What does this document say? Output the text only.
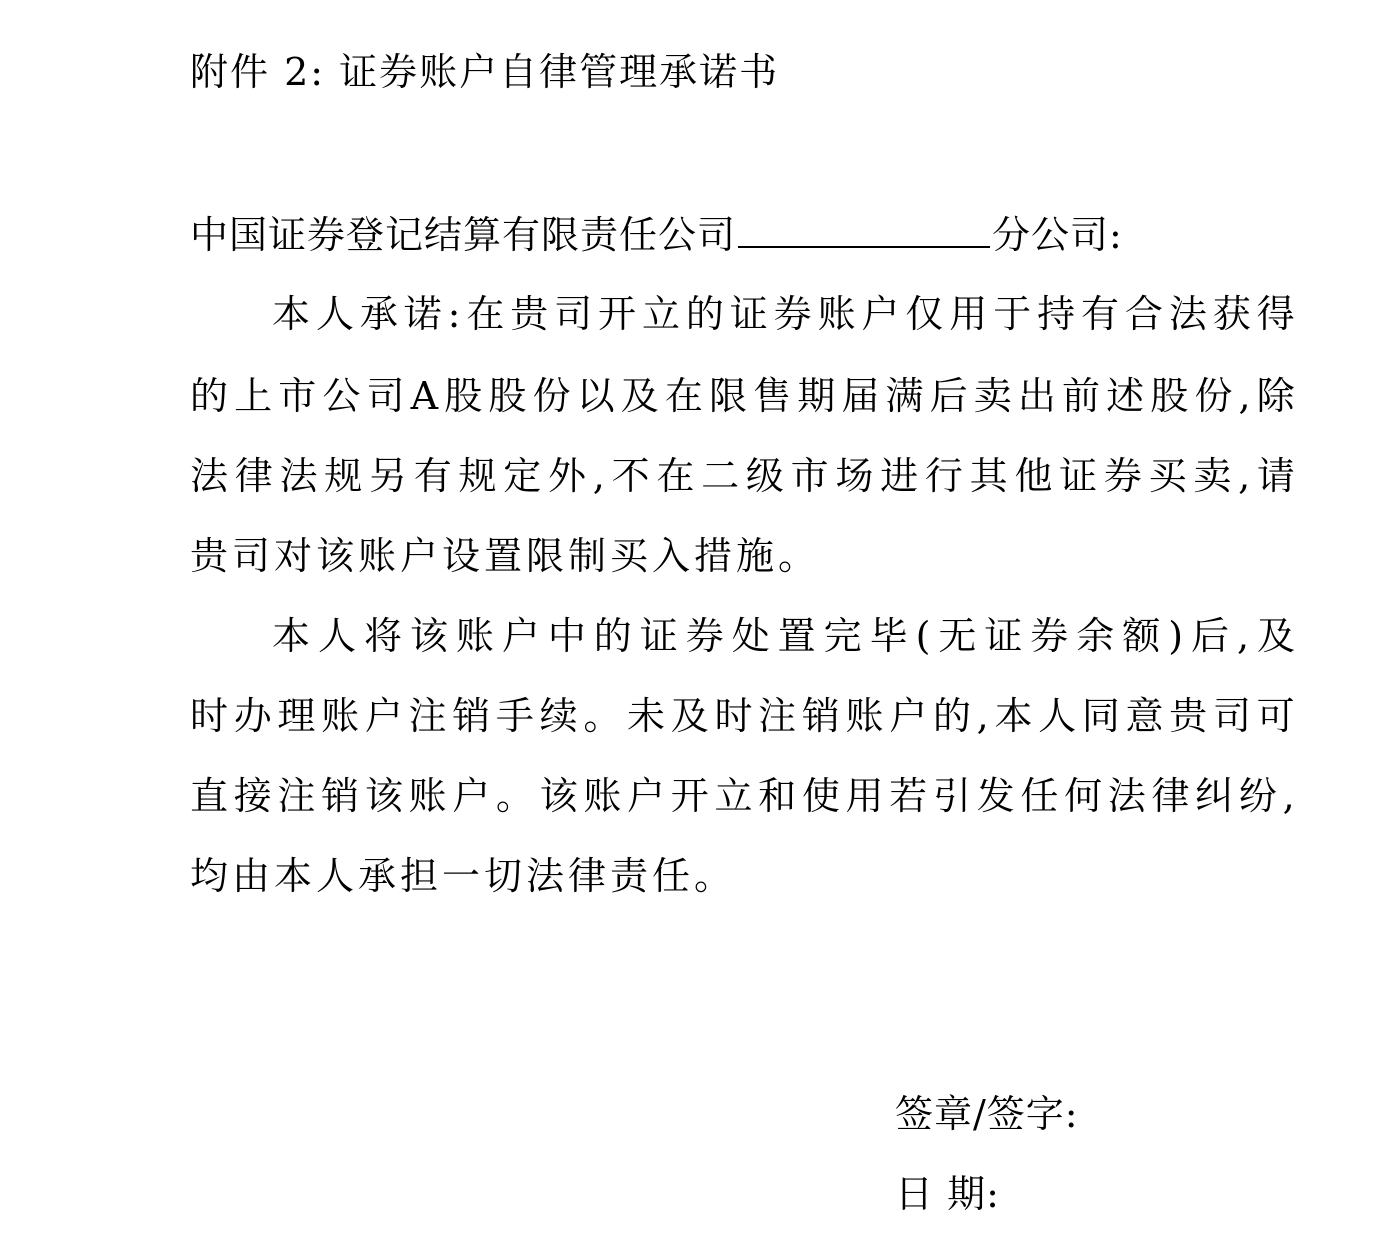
附件 2: 证券账户自律管理承诺书
中国证券登记结算有限责任公司	分公司:
本 人 承 诺 : 在 贵 司 开 立 的 证 券 账 户 仅 用 于 持 有 合 法 获 得
的 上 市 公 司 A 股 股 份 以 及 在 限 售 期 届 满 后 卖 出 前 述 股 份 , 除
法 律 法 规 另 有 规 定 外 , 不 在 二 级 市 场 进 行 其 他 证 券 买 卖 , 请
贵司对该账户设置限制买入措施。
本 人 将 该 账 户 中 的 证 券 处 置 完 毕 ( 无 证 券 余 额 ) 后 , 及
时 办 理 账 户 注 销 手 续 。 未 及 时 注 销 账 户 的 , 本 人 同 意 贵 司 可
直 接 注 销 该 账 户 。 该 账 户 开 立 和 使 用 若 引 发 任 何 法 律 纠 纷 ,
均由本人承担一切法律责任。
签章/签字:
日 期:
